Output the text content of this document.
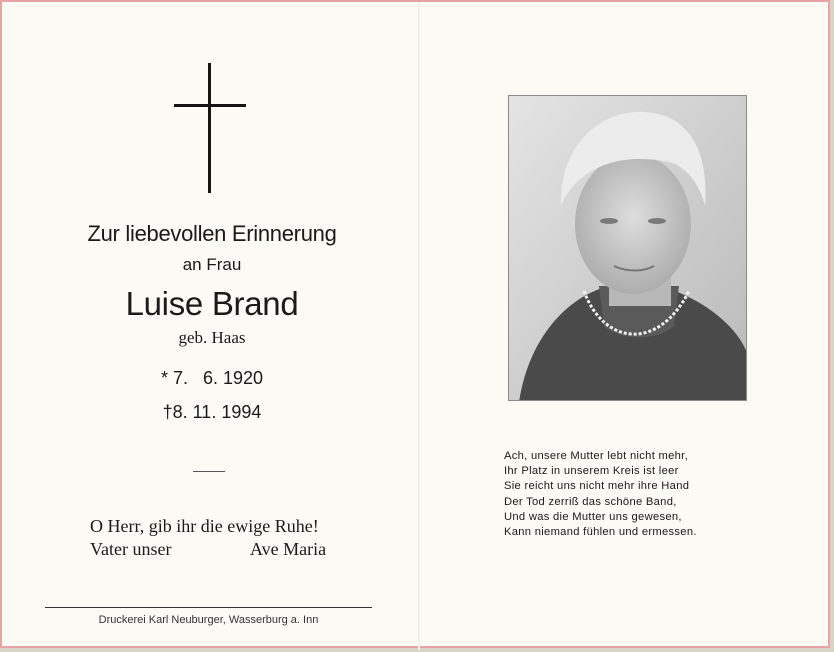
Zur liebevollen Erinnerung
an Frau
Luise Brand
geb. Haas
* 7.   6. 1920
†8. 11. 1994
O Herr, gib ihr die ewige Ruhe!
Vater unser	Ave Maria
Druckerei Karl Neuburger, Wasserburg a. Inn
Ach, unsere Mutter lebt nicht mehr,
Ihr Platz in unserem Kreis ist leer
Sie reicht uns nicht mehr ihre Hand
Der Tod zerriß das schöne Band,
Und was die Mutter uns gewesen,
Kann niemand fühlen und ermessen.
